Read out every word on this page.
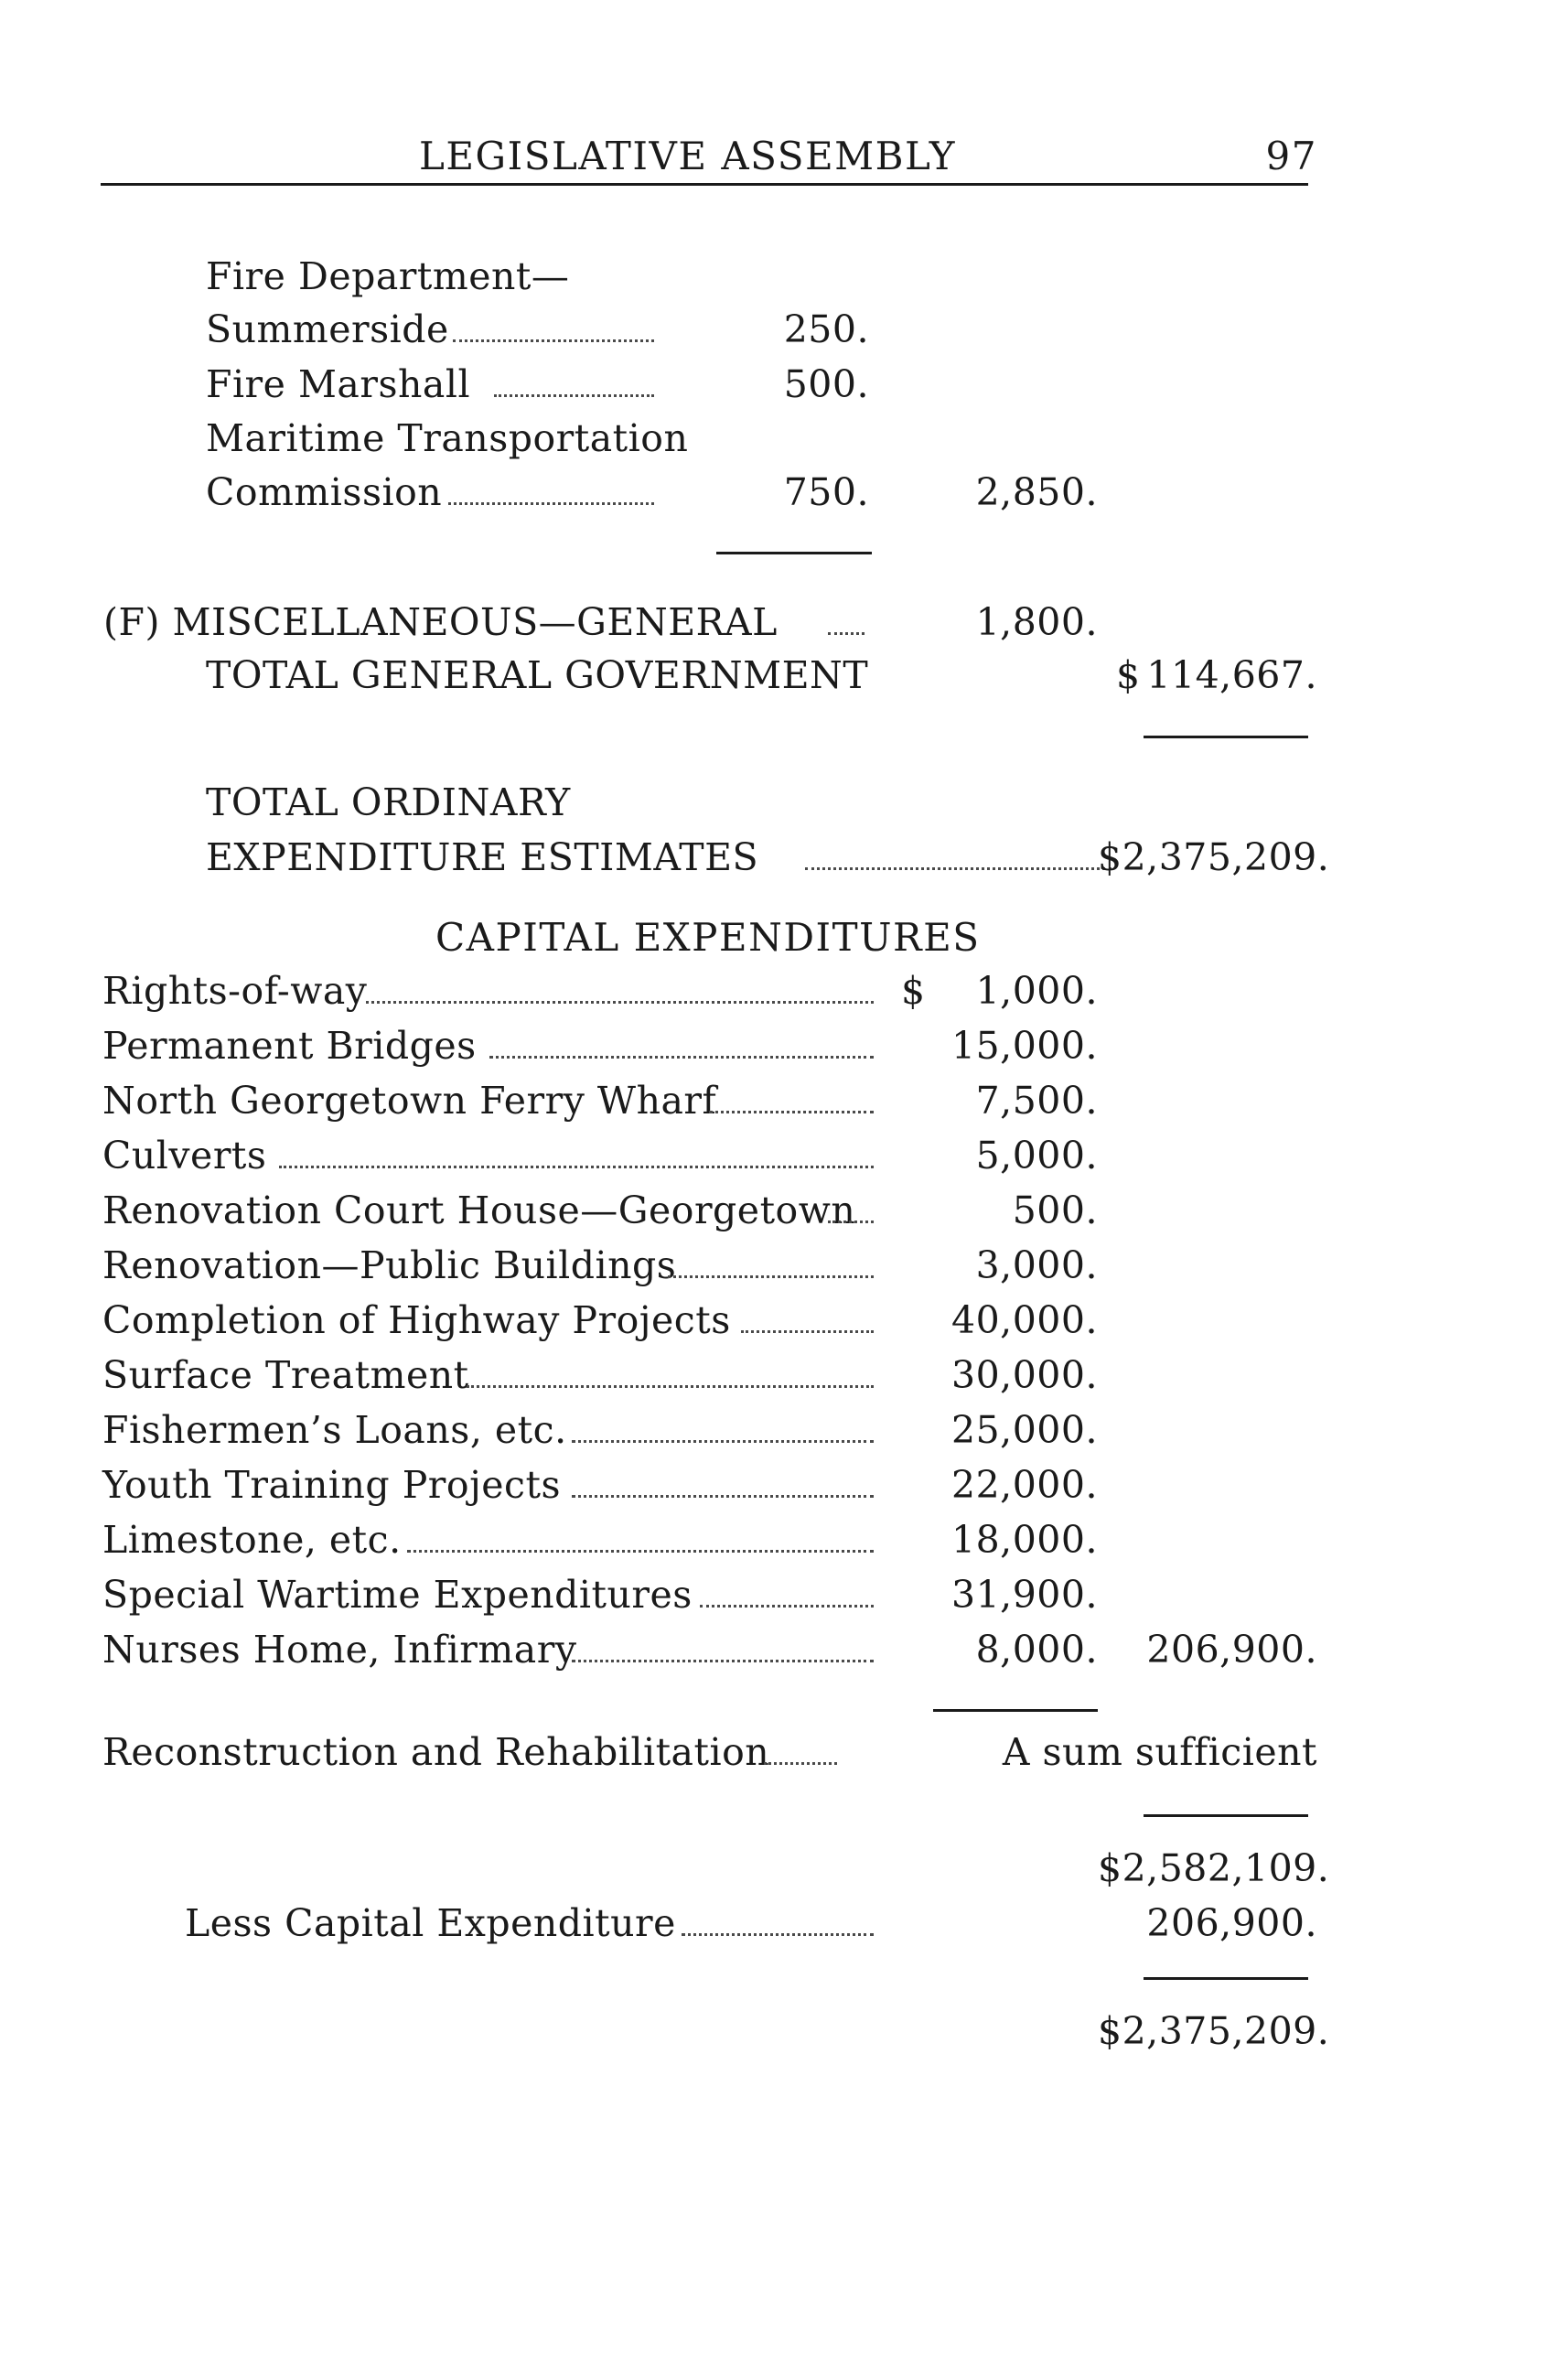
LEGISLATIVE ASSEMBLY	97
Fire Department—
Summerside	250.
Fire Marshall	500.
Maritime Transportation
Commission	750.	2,850.
(F) MISCELLANEOUS—GENERAL	1,800.
TOTAL GENERAL GOVERNMENT	$ 114,667.
TOTAL ORDINARY
EXPENDITURE ESTIMATES	$2,375,209.
CAPITAL EXPENDITURES
Rights-of-way	$	1,000.
Permanent Bridges	15,000.
North Georgetown Ferry Wharf	7,500.
Culverts	5,000.
Renovation Court House—Georgetown	500.
Renovation—Public Buildings	3,000.
Completion of Highway Projects	40,000.
Surface Treatment	30,000.
Fishermen’s Loans, etc.	25,000.
Youth Training Projects	22,000.
Limestone, etc.	18,000.
Special Wartime Expenditures	31,900.
Nurses Home, Infirmary	8,000.	206,900.
Reconstruction and Rehabilitation	A sum sufficient
$2,582,109.
Less Capital Expenditure	206,900.
$2,375,209.
